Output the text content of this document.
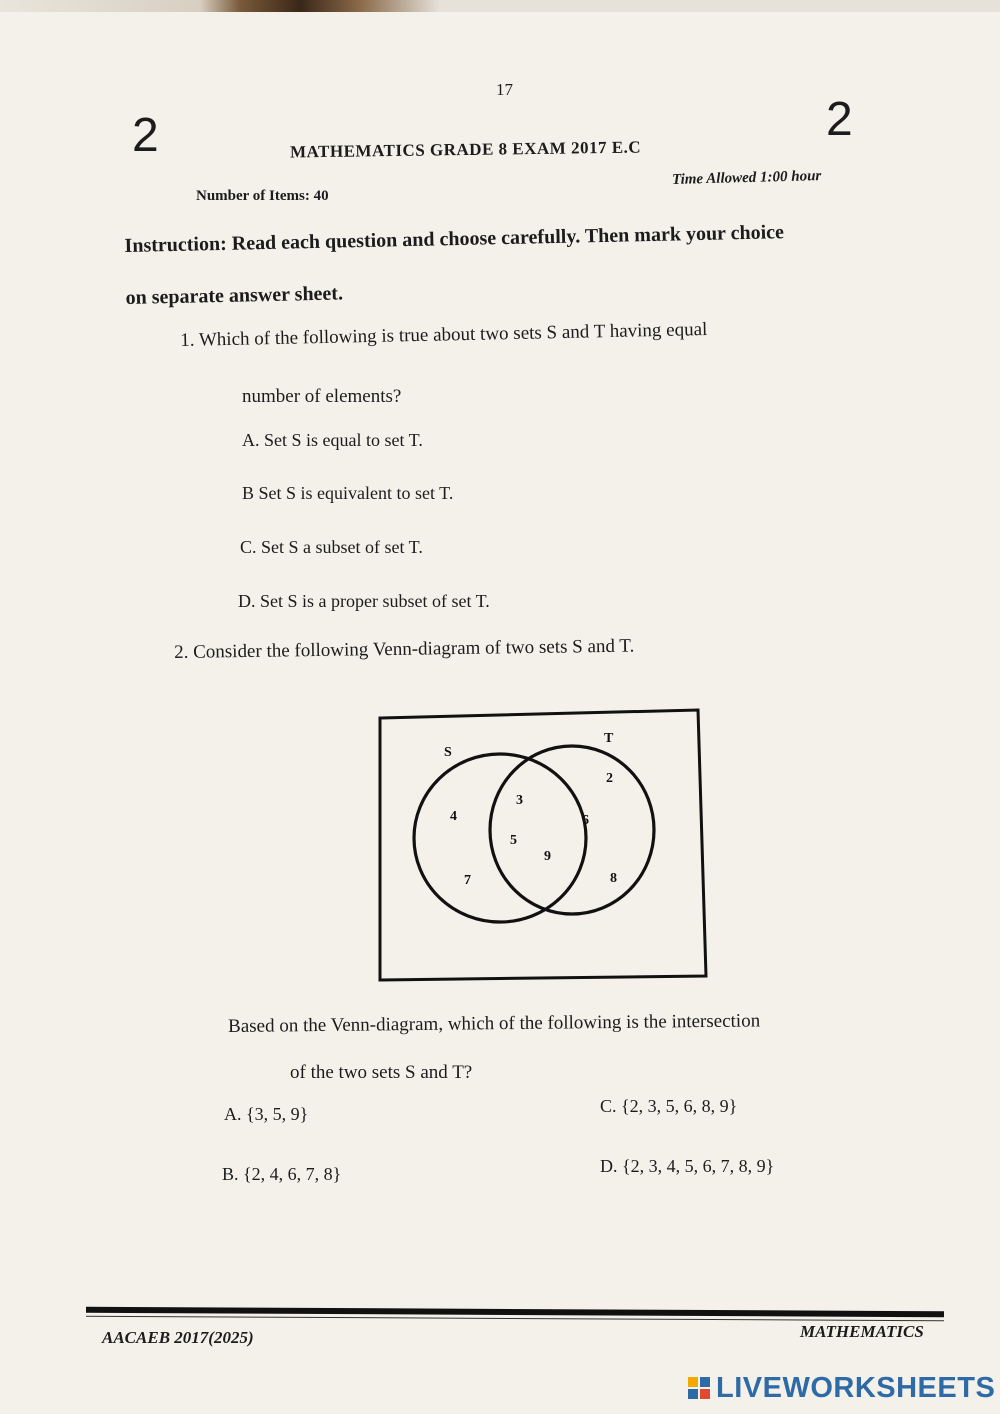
17
2	2
MATHEMATICS GRADE 8 EXAM 2017 E.C
Number of Items: 40
Time Allowed 1:00 hour
Instruction: Read each question and choose carefully. Then mark your choice
on separate answer sheet.
1. Which of the following is true about two sets S and T having equal
number of elements?
A. Set S is equal to set T.
B Set S is equivalent to set T.
C. Set S a subset of set T.
D. Set S is a proper subset of set T.
2. Consider the following Venn-diagram of two sets S and T.
S
T
4
7
3
5
9
2
6
8
Based on the Venn-diagram, which of the following is the intersection
of the two sets S and T?
A. {3, 5, 9}	C. {2, 3, 5, 6, 8, 9}
B. {2, 4, 6, 7, 8}	D. {2, 3, 4, 5, 6, 7, 8, 9}
AACAEB 2017(2025)	MATHEMATICS
LIVEWORKSHEETS
